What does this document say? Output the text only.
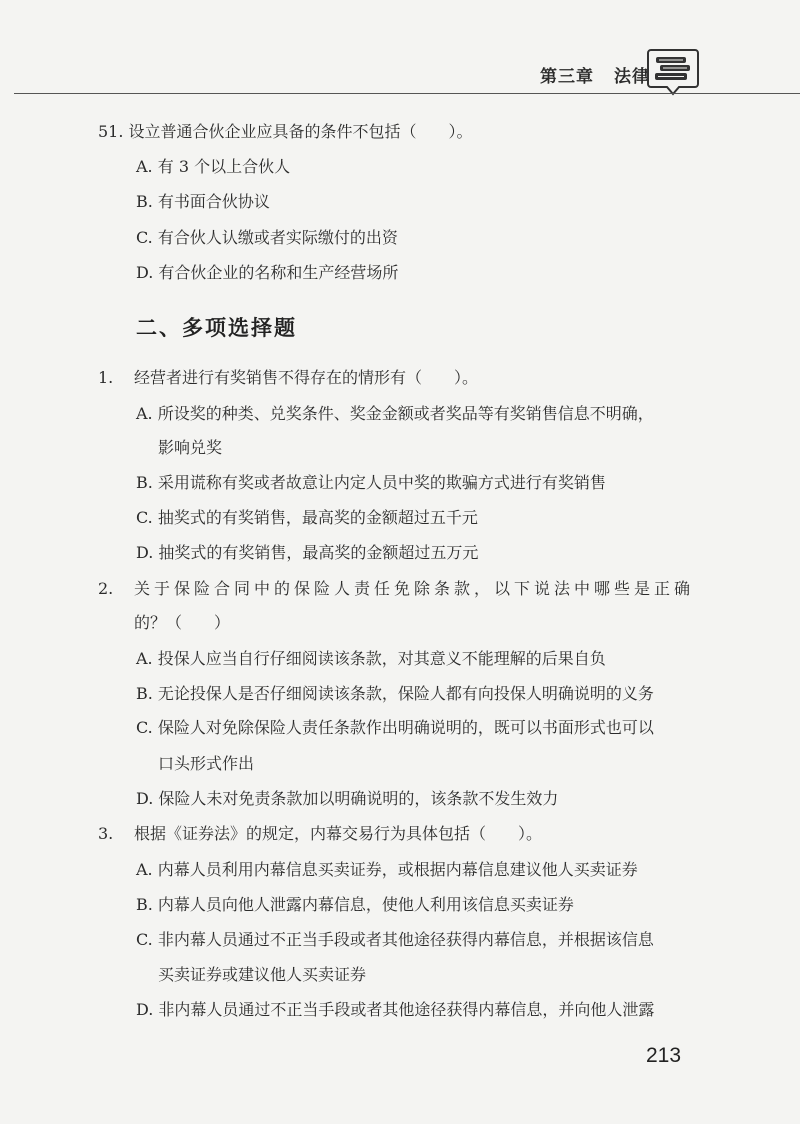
第三章 法律
51. 设立普通合伙企业应具备的条件不包括（　　）。
A. 有 3 个以上合伙人
B. 有书面合伙协议
C. 有合伙人认缴或者实际缴付的出资
D. 有合伙企业的名称和生产经营场所
二、多项选择题
1. 经营者进行有奖销售不得存在的情形有（　　）。
A. 所设奖的种类、兑奖条件、奖金金额或者奖品等有奖销售信息不明确，
影响兑奖
B. 采用谎称有奖或者故意让内定人员中奖的欺骗方式进行有奖销售
C. 抽奖式的有奖销售，最高奖的金额超过五千元
D. 抽奖式的有奖销售，最高奖的金额超过五万元
2. 关于保险合同中的保险人责任免除条款，以下说法中哪些是正确
的？（　　）
A. 投保人应当自行仔细阅读该条款，对其意义不能理解的后果自负
B. 无论投保人是否仔细阅读该条款，保险人都有向投保人明确说明的义务
C. 保险人对免除保险人责任条款作出明确说明的，既可以书面形式也可以
口头形式作出
D. 保险人未对免责条款加以明确说明的，该条款不发生效力
3. 根据《证券法》的规定，内幕交易行为具体包括（　　）。
A. 内幕人员利用内幕信息买卖证券，或根据内幕信息建议他人买卖证券
B. 内幕人员向他人泄露内幕信息，使他人利用该信息买卖证券
C. 非内幕人员通过不正当手段或者其他途径获得内幕信息，并根据该信息
买卖证券或建议他人买卖证券
D. 非内幕人员通过不正当手段或者其他途径获得内幕信息，并向他人泄露
213
